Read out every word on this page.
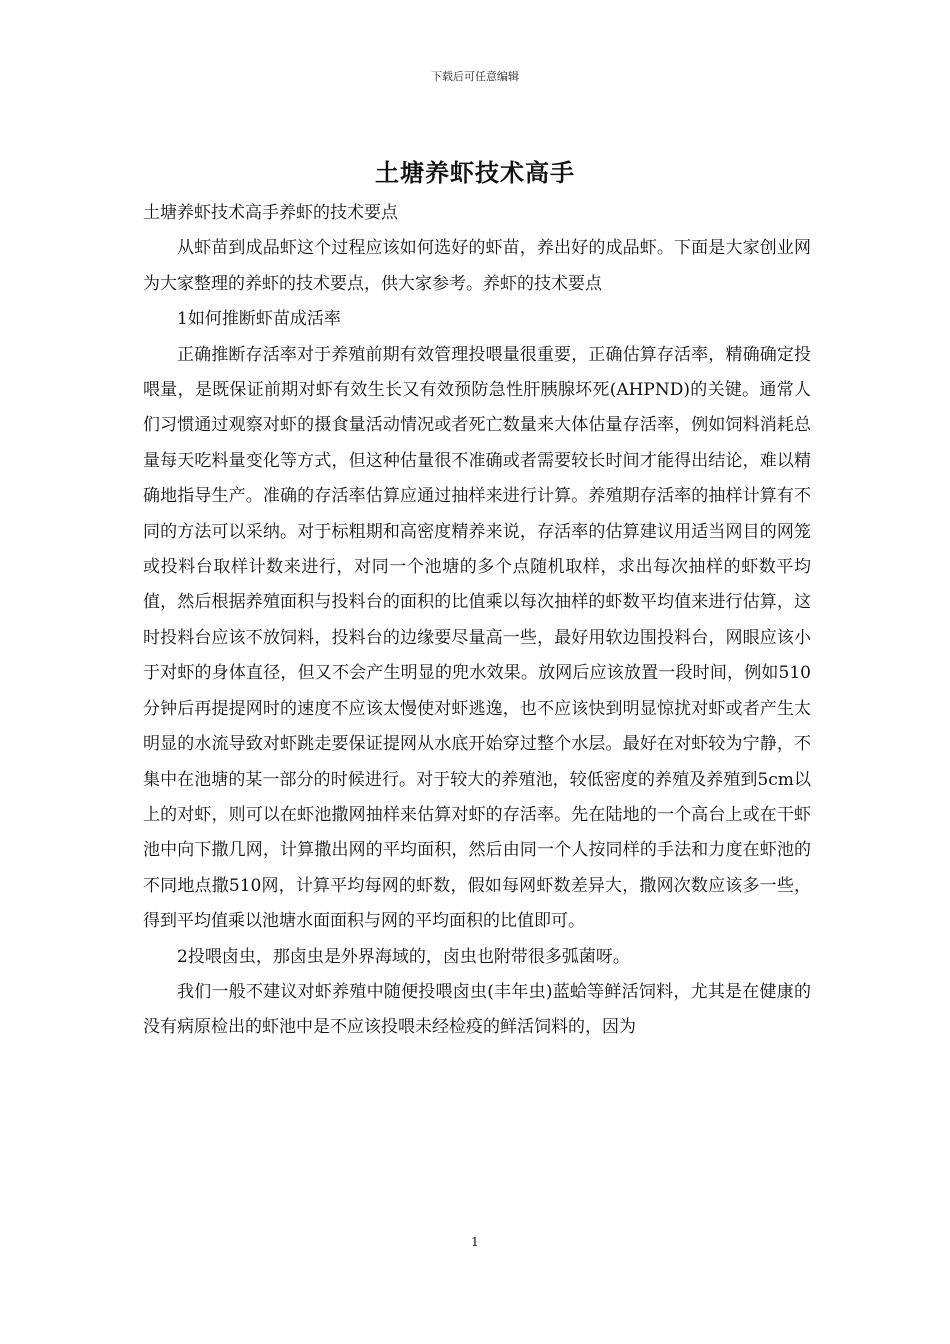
下载后可任意编辑
土塘养虾技术高手

土塘养虾技术高手养虾的技术要点

从虾苗到成品虾这个过程应该如何选好的虾苗，养出好的成品虾。下面是大家创业网为大家整理的养虾的技术要点，供大家参考。养虾的技术要点

1如何推断虾苗成活率

正确推断存活率对于养殖前期有效管理投喂量很重要，正确估算存活率，精确确定投喂量，是既保证前期对虾有效生长又有效预防急性肝胰腺坏死(AHPND)的关键。通常人们习惯通过观察对虾的摄食量活动情况或者死亡数量来大体估量存活率，例如饲料消耗总量每天吃料量变化等方式，但这种估量很不准确或者需要较长时间才能得出结论，难以精确地指导生产。准确的存活率估算应通过抽样来进行计算。养殖期存活率的抽样计算有不同的方法可以采纳。对于标粗期和高密度精养来说，存活率的估算建议用适当网目的网笼或投料台取样计数来进行，对同一个池塘的多个点随机取样，求出每次抽样的虾数平均值，然后根据养殖面积与投料台的面积的比值乘以每次抽样的虾数平均值来进行估算，这时投料台应该不放饲料，投料台的边缘要尽量高一些，最好用软边围投料台，网眼应该小于对虾的身体直径，但又不会产生明显的兜水效果。放网后应该放置一段时间，例如510分钟后再提提网时的速度不应该太慢使对虾逃逸，也不应该快到明显惊扰对虾或者产生太明显的水流导致对虾跳走要保证提网从水底开始穿过整个水层。最好在对虾较为宁静，不集中在池塘的某一部分的时候进行。对于较大的养殖池，较低密度的养殖及养殖到5cm以上的对虾，则可以在虾池撒网抽样来估算对虾的存活率。先在陆地的一个高台上或在干虾池中向下撒几网，计算撒出网的平均面积，然后由同一个人按同样的手法和力度在虾池的不同地点撒510网，计算平均每网的虾数，假如每网虾数差异大，撒网次数应该多一些，得到平均值乘以池塘水面面积与网的平均面积的比值即可。

2投喂卤虫，那卤虫是外界海域的，卤虫也附带很多弧菌呀。

我们一般不建议对虾养殖中随便投喂卤虫(丰年虫)蓝蛤等鲜活饲料，尤其是在健康的没有病原检出的虾池中是不应该投喂未经检疫的鲜活饲料的，因为

1
